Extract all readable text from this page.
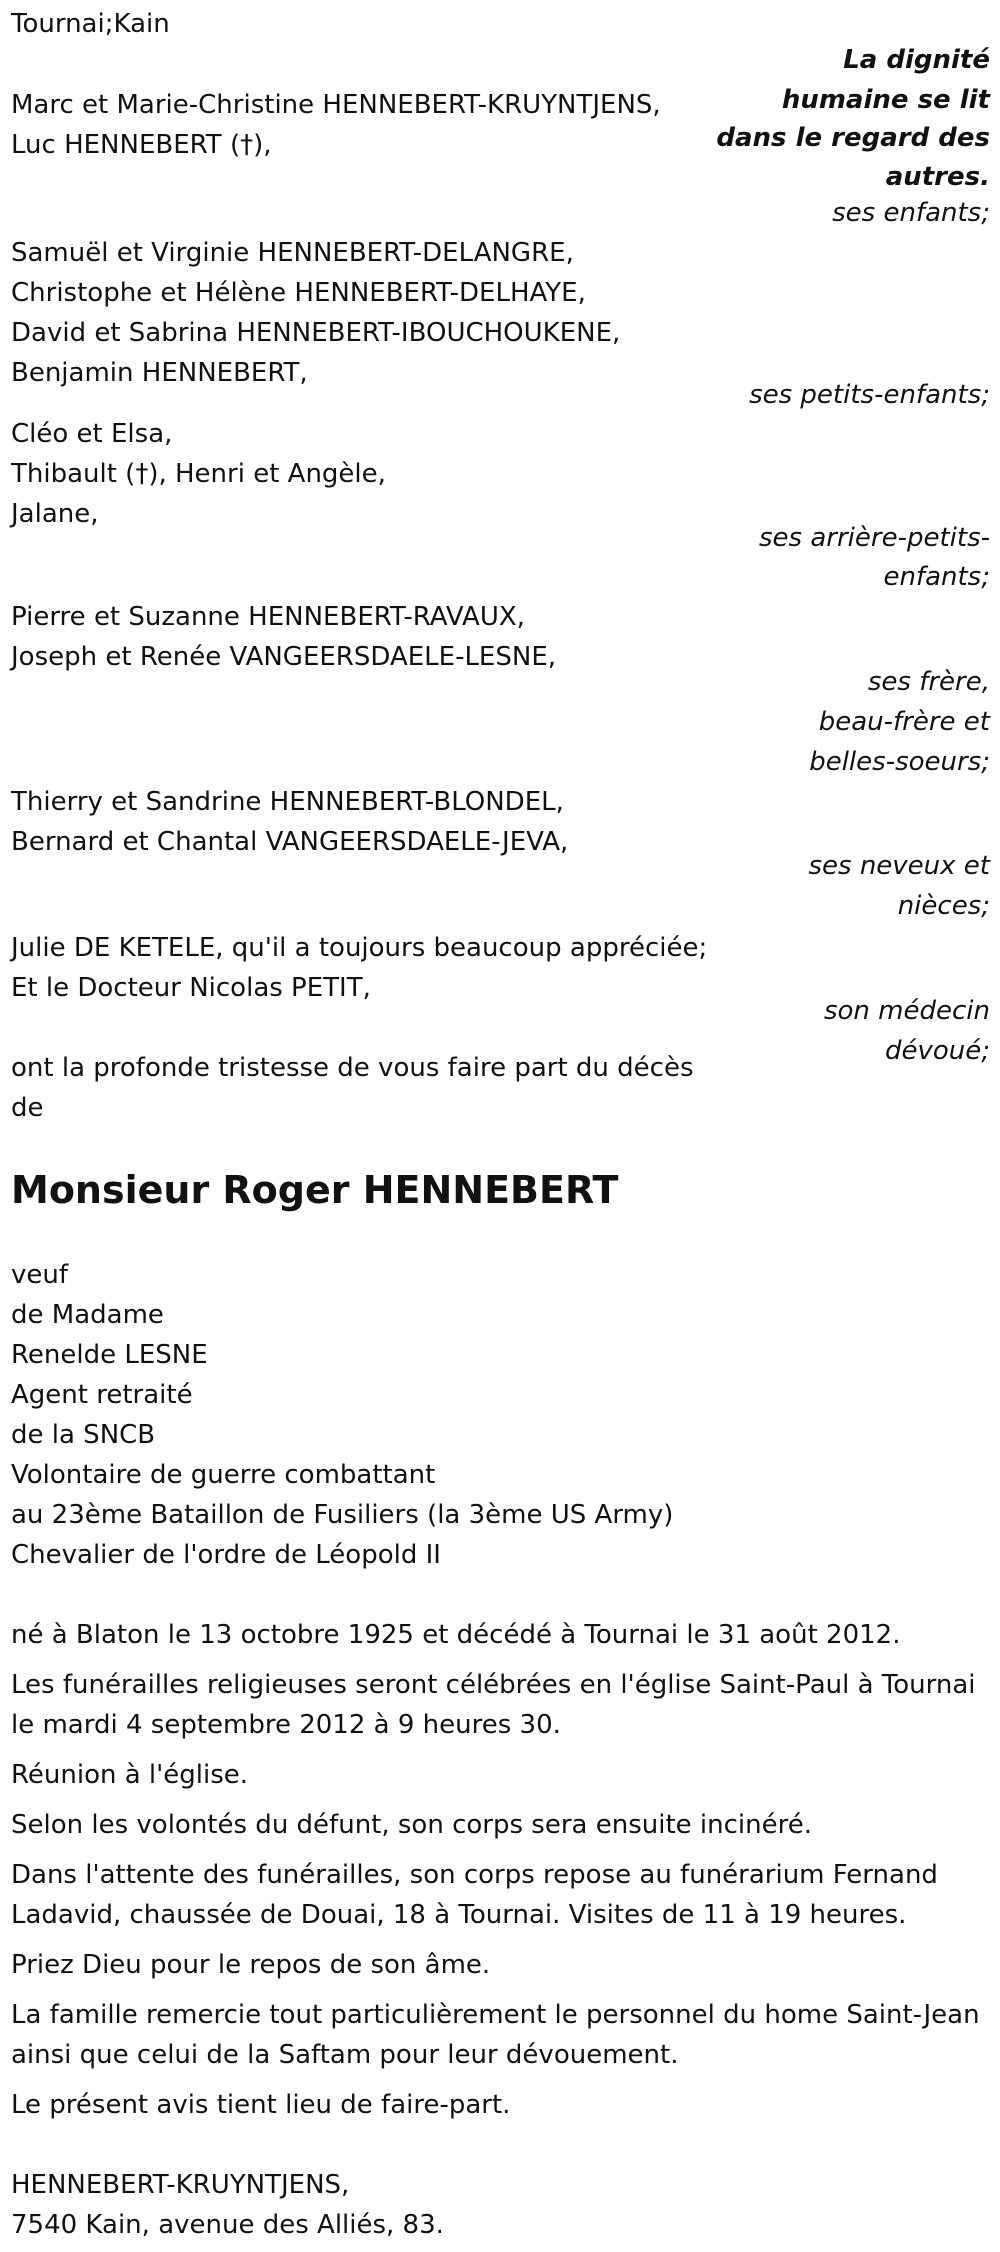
Tournai;Kain
La dignité
humaine se lit
dans le regard des
autres.
Marc et Marie-Christine HENNEBERT-KRUYNTJENS,
Luc HENNEBERT (†),
ses enfants;
Samuël et Virginie HENNEBERT-DELANGRE,
Christophe et Hélène HENNEBERT-DELHAYE,
David et Sabrina HENNEBERT-IBOUCHOUKENE,
Benjamin HENNEBERT,
ses petits-enfants;
Cléo et Elsa,
Thibault (†), Henri et Angèle,
Jalane,
ses arrière-petits-
enfants;
Pierre et Suzanne HENNEBERT-RAVAUX,
Joseph et Renée VANGEERSDAELE-LESNE,
ses frère,
beau-frère et
belles-soeurs;
Thierry et Sandrine HENNEBERT-BLONDEL,
Bernard et Chantal VANGEERSDAELE-JEVA,
ses neveux et
nièces;
Julie DE KETELE, qu'il a toujours beaucoup appréciée;
Et le Docteur Nicolas PETIT,
son médecin
dévoué;
ont la profonde tristesse de vous faire part du décès
de
Monsieur Roger HENNEBERT
veuf
de Madame
Renelde LESNE
Agent retraité
de la SNCB
Volontaire de guerre combattant
au 23ème Bataillon de Fusiliers (la 3ème US Army)
Chevalier de l'ordre de Léopold II
né à Blaton le 13 octobre 1925 et décédé à Tournai le 31 août 2012.
Les funérailles religieuses seront célébrées en l'église Saint-Paul à Tournai le mardi 4 septembre 2012 à 9 heures 30.
Réunion à l'église.
Selon les volontés du défunt, son corps sera ensuite incinéré.
Dans l'attente des funérailles, son corps repose au funérarium Fernand Ladavid, chaussée de Douai, 18 à Tournai. Visites de 11 à 19 heures.
Priez Dieu pour le repos de son âme.
La famille remercie tout particulièrement le personnel du home Saint-Jean ainsi que celui de la Saftam pour leur dévouement.
Le présent avis tient lieu de faire-part.
HENNEBERT-KRUYNTJENS,
7540 Kain, avenue des Alliés, 83.
